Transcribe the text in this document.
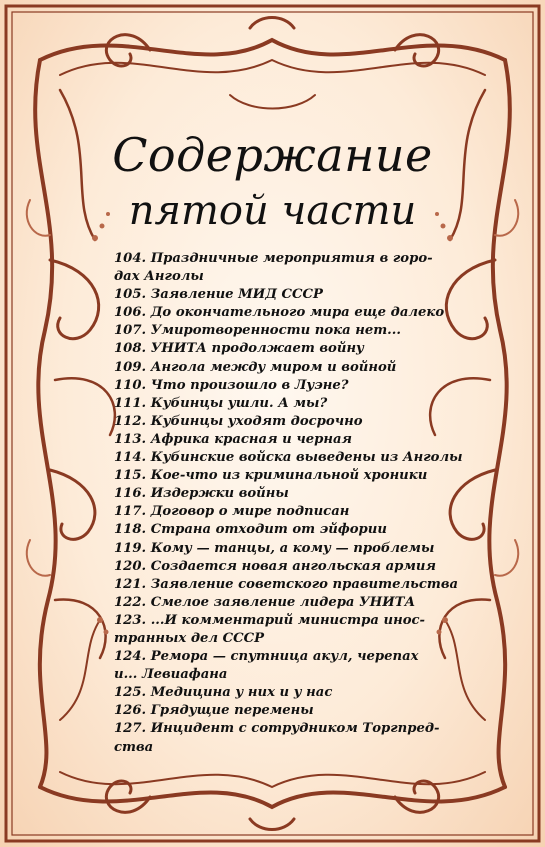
Содержание
пятой части
104. Праздничные мероприятия в горо-
дах Анголы
105. Заявление МИД СССР
106. До окончательного мира еще далеко
107. Умиротворенности пока нет...
108. УНИТА продолжает войну
109. Ангола между миром и войной
110. Что произошло в Луэне?
111. Кубинцы ушли. А мы?
112. Кубинцы уходят досрочно
113. Африка красная и черная
114. Кубинские войска выведены из Анголы
115. Кое-что из криминальной хроники
116. Издержки войны
117. Договор о мире подписан
118. Страна отходит от эйфории
119. Кому — танцы, а кому — проблемы
120. Создается новая ангольская армия
121. Заявление советского правительства
122. Смелое заявление лидера УНИТА
123. ...И комментарий министра инос-
транных дел СССР
124. Ремора — спутница акул, черепах
и... Левиафана
125. Медицина у них и у нас
126. Грядущие перемены
127. Инцидент с сотрудником Торгпред-
ства
